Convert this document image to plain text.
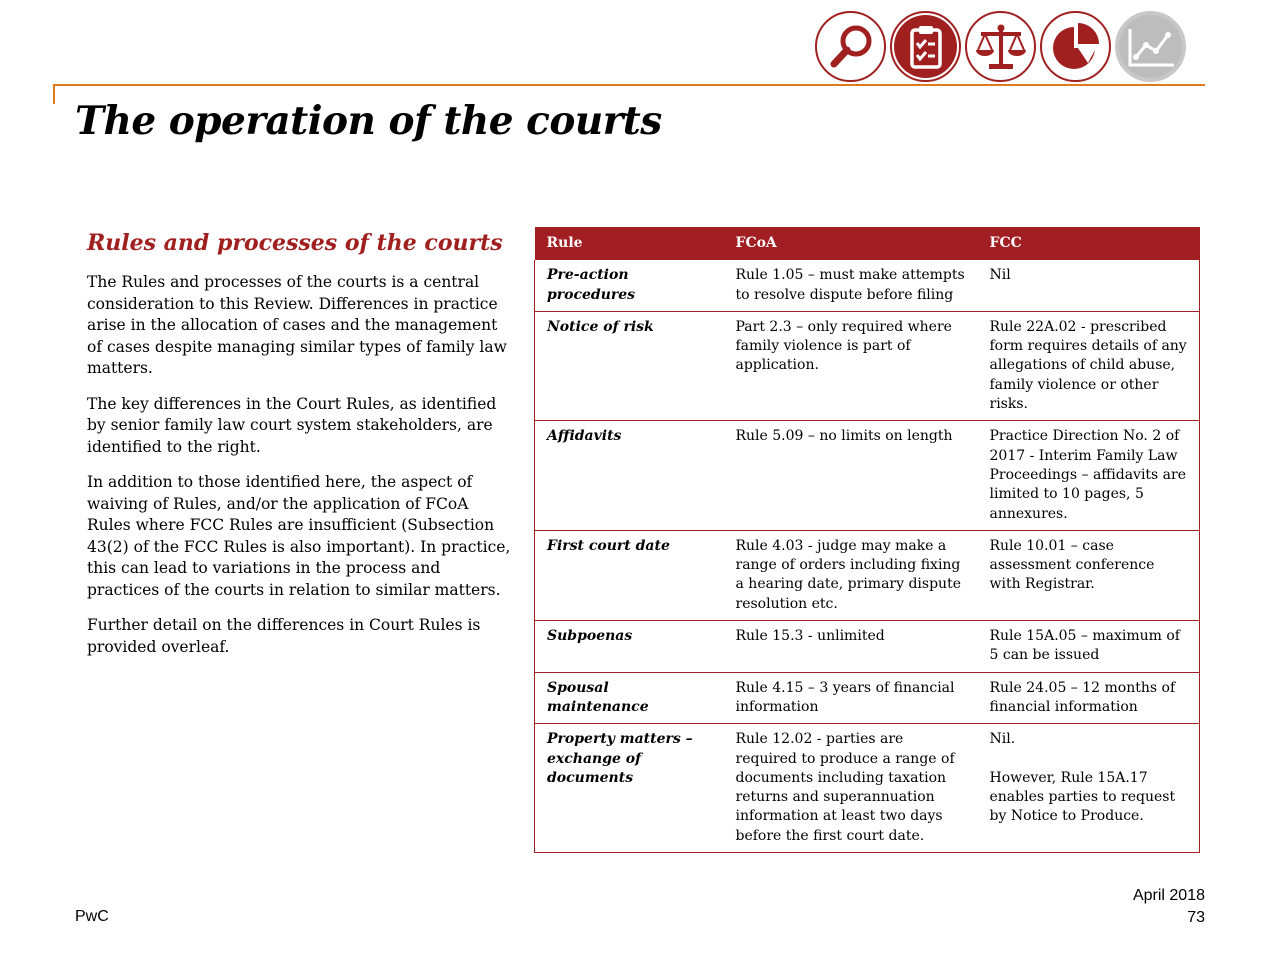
The operation of the courts
Rules and processes of the courts

The Rules and processes of the courts is a central consideration to this Review. Differences in practice arise in the allocation of cases and the management of cases despite managing similar types of family law matters.

The key differences in the Court Rules, as identified by senior family law court system stakeholders, are identified to the right.

In addition to those identified here, the aspect of waiving of Rules, and/or the application of FCoA Rules where FCC Rules are insufficient (Subsection 43(2) of the FCC Rules is also important). In practice, this can lead to variations in the process and practices of the courts in relation to similar matters.

Further detail on the differences in Court Rules is provided overleaf.

Rule	FCoA	FCC
Pre-action procedures	Rule 1.05 – must make attempts to resolve dispute before filing	Nil
Notice of risk	Part 2.3 – only required where family violence is part of application.	Rule 22A.02 - prescribed form requires details of any allegations of child abuse, family violence or other risks.
Affidavits	Rule 5.09 – no limits on length	Practice Direction No. 2 of 2017 - Interim Family Law Proceedings – affidavits are limited to 10 pages, 5 annexures.
First court date	Rule 4.03 - judge may make a range of orders including fixing a hearing date, primary dispute resolution etc.	Rule 10.01 – case assessment conference with Registrar.
Subpoenas	Rule 15.3 - unlimited	Rule 15A.05 – maximum of 5 can be issued
Spousal maintenance	Rule 4.15 – 3 years of financial information	Rule 24.05 – 12 months of financial information
Property matters – exchange of documents	Rule 12.02 - parties are required to produce a range of documents including taxation returns and superannuation information at least two days before the first court date.	Nil.

However, Rule 15A.17 enables parties to request by Notice to Produce.
PwC
April 2018
73
